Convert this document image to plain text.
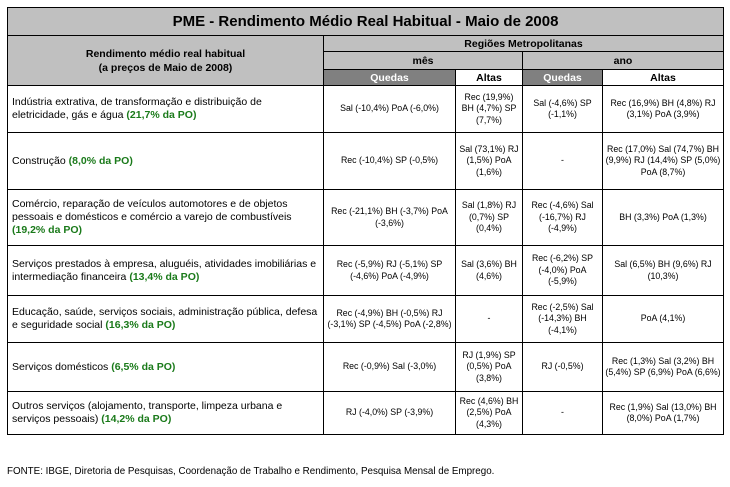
PME - Rendimento Médio Real Habitual - Maio de 2008				

Rendimento médio real habitual
(a preços de Maio de 2008)	Regiões Metropolitanas			
	mês		ano	
	Quedas	Altas	Quedas	Altas
Indústria extrativa, de transformação e distribuição de eletricidade, gás e água (21,7% da PO)	Sal (-10,4%) PoA (-6,0%)	Rec (19,9%) BH (4,7%) SP (7,7%)	Sal (-4,6%) SP (-1,1%)	Rec (16,9%) BH (4,8%) RJ (3,1%) PoA (3,9%)
Construção (8,0% da PO)	Rec (-10,4%) SP (-0,5%)	Sal (73,1%) RJ (1,5%) PoA (1,6%)	-	Rec (17,0%) Sal (74,7%) BH (9,9%) RJ (14,4%) SP (5,0%) PoA (8,7%)
Comércio, reparação de veículos automotores e de objetos pessoais e domésticos e comércio a varejo de combustíveis (19,2% da PO)	Rec (-21,1%) BH (-3,7%) PoA (-3,6%)	Sal (1,8%) RJ (0,7%) SP (0,4%)	Rec (-4,6%) Sal (-16,7%) RJ (-4,9%)	BH (3,3%) PoA (1,3%)
Serviços prestados à empresa, aluguéis, atividades imobiliárias e intermediação financeira (13,4% da PO)	Rec (-5,9%) RJ (-5,1%) SP (-4,6%) PoA (-4,9%)	Sal (3,6%) BH (4,6%)	Rec (-6,2%) SP (-4,0%) PoA (-5,9%)	Sal (6,5%) BH (9,6%) RJ (10,3%)
Educação, saúde, serviços sociais, administração pública, defesa e seguridade social (16,3% da PO)	Rec (-4,9%) BH (-0,5%) RJ (-3,1%) SP (-4,5%) PoA (-2,8%)	-	Rec (-2,5%) Sal (-14,3%) BH (-4,1%)	PoA (4,1%)
Serviços domésticos (6,5% da PO)	Rec (-0,9%) Sal (-3,0%)	RJ (1,9%) SP (0,5%) PoA (3,8%)	RJ (-0,5%)	Rec (1,3%) Sal (3,2%) BH (5,4%) SP (6,9%) PoA (6,6%)
Outros serviços (alojamento, transporte, limpeza urbana e serviços pessoais) (14,2% da PO)	RJ (-4,0%) SP (-3,9%)	Rec (4,6%) BH (2,5%) PoA (4,3%)	-	Rec (1,9%) Sal (13,0%) BH (8,0%) PoA (1,7%)
FONTE: IBGE, Diretoria de Pesquisas, Coordenação de Trabalho e Rendimento, Pesquisa Mensal de Emprego.
